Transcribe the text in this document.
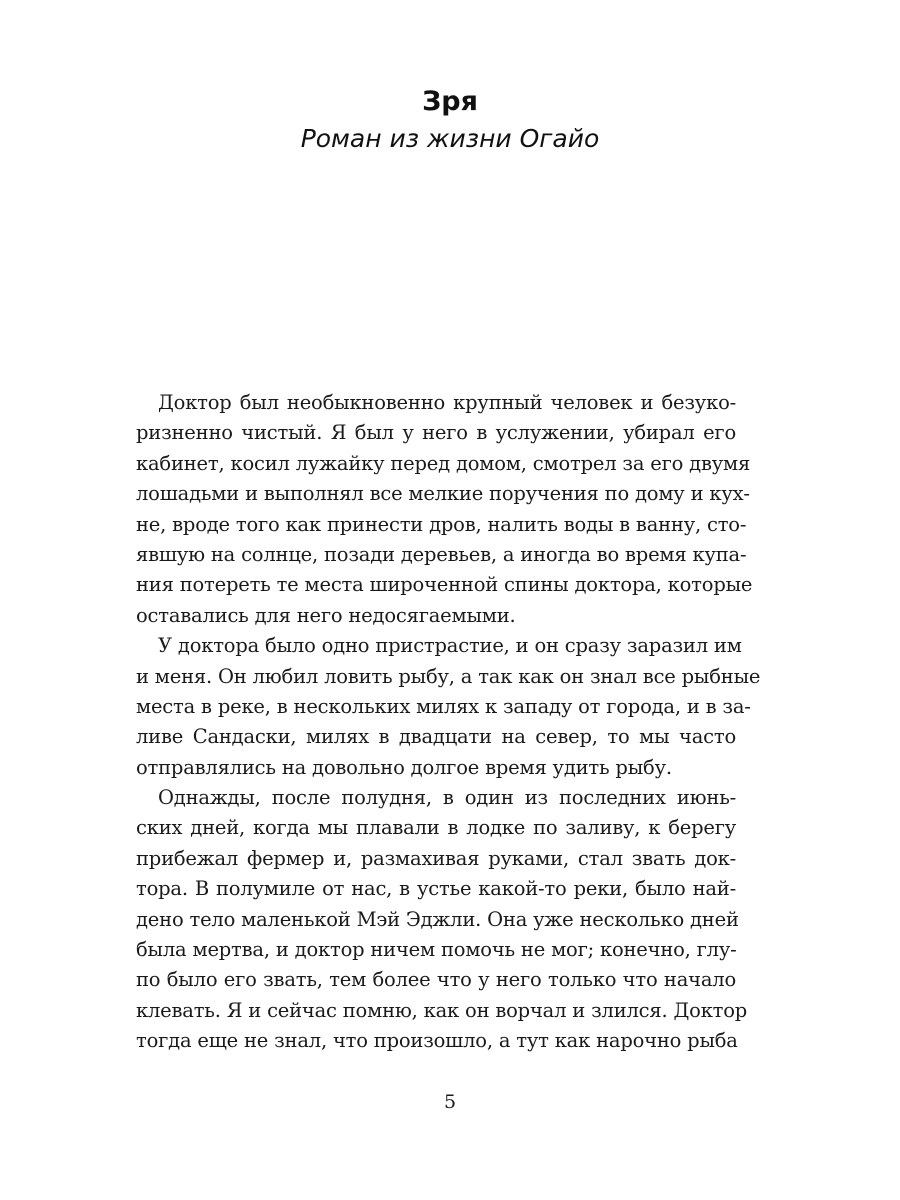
Зря
Роман из жизни Огайо
Доктор был необыкновенно крупный человек и безуко-
ризненно чистый. Я был у него в услужении, убирал его
кабинет, косил лужайку перед домом, смотрел за его двумя
лошадьми и выполнял все мелкие поручения по дому и кух-
не, вроде того как принести дров, налить воды в ванну, сто-
явшую на солнце, позади деревьев, а иногда во время купа-
ния потереть те места широченной спины доктора, которые
оставались для него недосягаемыми.
У доктора было одно пристрастие, и он сразу заразил им
и меня. Он любил ловить рыбу, а так как он знал все рыбные
места в реке, в нескольких милях к западу от города, и в за-
ливе Сандаски, милях в двадцати на север, то мы часто
отправлялись на довольно долгое время удить рыбу.
Однажды, после полудня, в один из последних июнь-
ских дней, когда мы плавали в лодке по заливу, к берегу
прибежал фермер и, размахивая руками, стал звать док-
тора. В полумиле от нас, в устье какой-то реки, было най-
дено тело маленькой Мэй Эджли. Она уже несколько дней
была мертва, и доктор ничем помочь не мог; конечно, глу-
по было его звать, тем более что у него только что начало
клевать. Я и сейчас помню, как он ворчал и злился. Доктор
тогда еще не знал, что произошло, а тут как нарочно рыба
5
